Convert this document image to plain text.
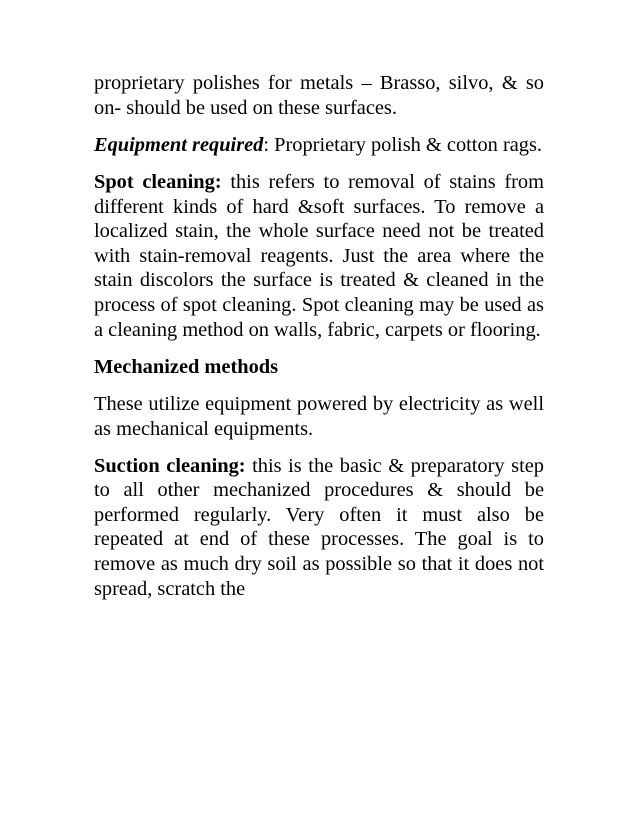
proprietary polishes for metals – Brasso, silvo, & so on- should be used on these surfaces.

Equipment required: Proprietary polish & cotton rags.

Spot cleaning: this refers to removal of stains from different kinds of hard &soft surfaces. To remove a localized stain, the whole surface need not be treated with stain-removal reagents. Just the area where the stain discolors the surface is treated & cleaned in the process of spot cleaning. Spot cleaning may be used as a cleaning method on walls, fabric, carpets or flooring.

Mechanized methods

These utilize equipment powered by electricity as well as mechanical equipments.

Suction cleaning: this is the basic & preparatory step to all other mechanized procedures & should be performed regularly. Very often it must also be repeated at end of these processes. The goal is to remove as much dry soil as possible so that it does not spread, scratch the
